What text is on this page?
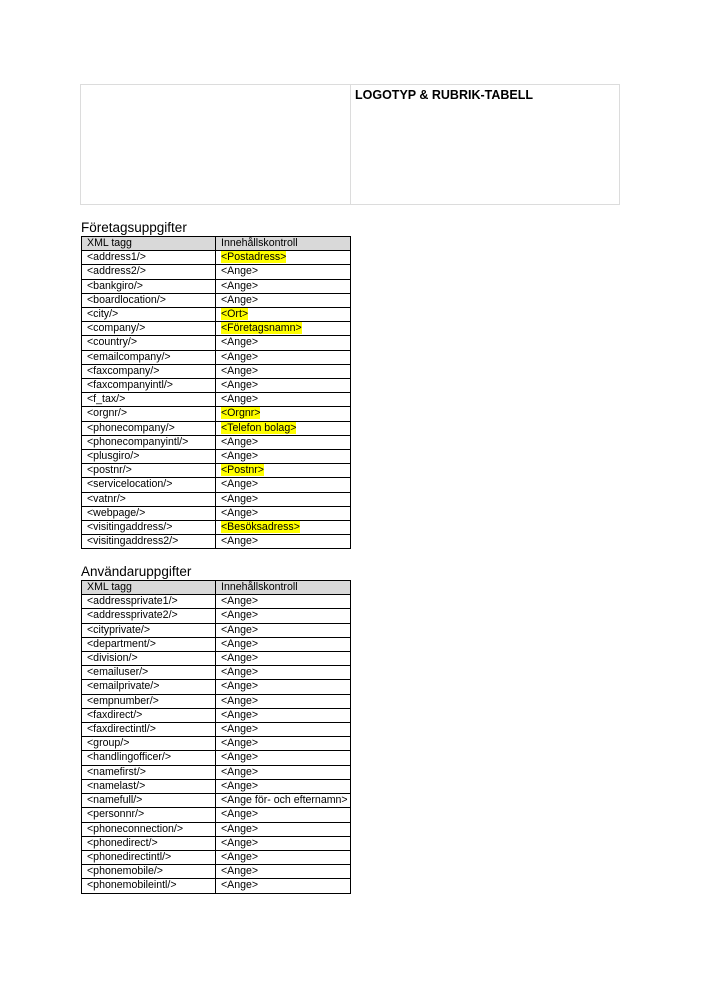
LOGOTYP & RUBRIK-TABELL
Företagsuppgifter
XML tagg	Innehållskontroll
<address1/>	<Postadress>
<address2/>	<Ange>
<bankgiro/>	<Ange>
<boardlocation/>	<Ange>
<city/>	<Ort>
<company/>	<Företagsnamn>
<country/>	<Ange>
<emailcompany/>	<Ange>
<faxcompany/>	<Ange>
<faxcompanyintl/>	<Ange>
<f_tax/>	<Ange>
<orgnr/>	<Orgnr>
<phonecompany/>	<Telefon bolag>
<phonecompanyintl/>	<Ange>
<plusgiro/>	<Ange>
<postnr/>	<Postnr>
<servicelocation/>	<Ange>
<vatnr/>	<Ange>
<webpage/>	<Ange>
<visitingaddress/>	<Besöksadress>
<visitingaddress2/>	<Ange>
Användaruppgifter
XML tagg	Innehållskontroll
<addressprivate1/>	<Ange>
<addressprivate2/>	<Ange>
<cityprivate/>	<Ange>
<department/>	<Ange>
<division/>	<Ange>
<emailuser/>	<Ange>
<emailprivate/>	<Ange>
<empnumber/>	<Ange>
<faxdirect/>	<Ange>
<faxdirectintl/>	<Ange>
<group/>	<Ange>
<handlingofficer/>	<Ange>
<namefirst/>	<Ange>
<namelast/>	<Ange>
<namefull/>	<Ange för- och efternamn>
<personnr/>	<Ange>
<phoneconnection/>	<Ange>
<phonedirect/>	<Ange>
<phonedirectintl/>	<Ange>
<phonemobile/>	<Ange>
<phonemobileintl/>	<Ange>
